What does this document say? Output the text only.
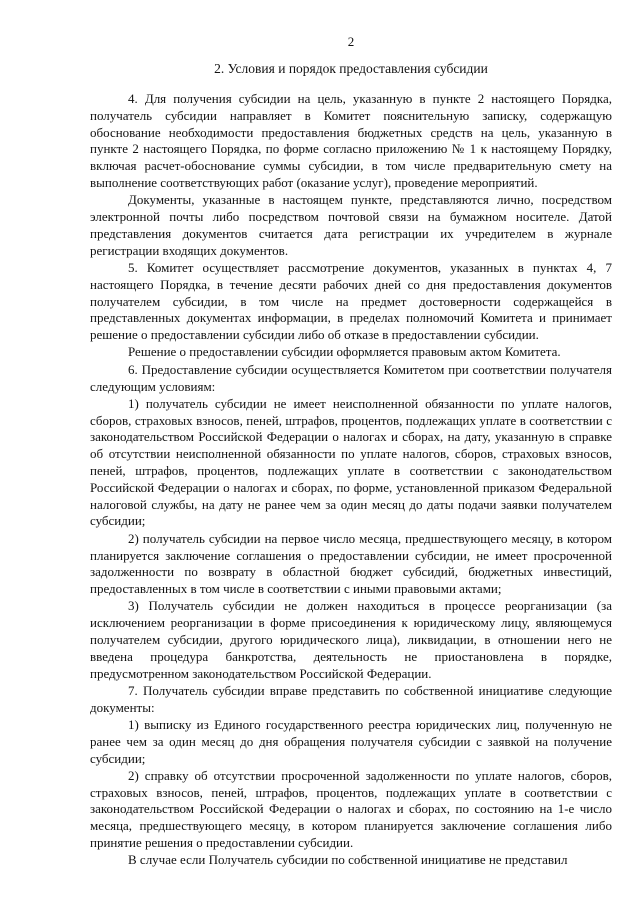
2
2. Условия и порядок предоставления субсидии

4. Для получения субсидии на цель, указанную в пункте 2 настоящего Порядка, получатель субсидии направляет в Комитет пояснительную записку, содержащую обоснование необходимости предоставления бюджетных средств на цель, указанную в пункте 2 настоящего Порядка, по форме согласно приложению № 1 к настоящему Порядку, включая расчет-обоснование суммы субсидии, в том числе предварительную смету на выполнение соответствующих работ (оказание услуг), проведение мероприятий.

Документы, указанные в настоящем пункте, представляются лично, посредством электронной почты либо посредством почтовой связи на бумажном носителе. Датой представления документов считается дата регистрации их учредителем в журнале регистрации входящих документов.

5. Комитет осуществляет рассмотрение документов, указанных в пунктах 4, 7 настоящего Порядка, в течение десяти рабочих дней со дня предоставления документов получателем субсидии, в том числе на предмет достоверности содержащейся в представленных документах информации, в пределах полномочий Комитета и принимает решение о предоставлении субсидии либо об отказе в предоставлении субсидии.

Решение о предоставлении субсидии оформляется правовым актом Комитета.

6. Предоставление субсидии осуществляется Комитетом при соответствии получателя следующим условиям:

1) получатель субсидии не имеет неисполненной обязанности по уплате налогов, сборов, страховых взносов, пеней, штрафов, процентов, подлежащих уплате в соответствии с законодательством Российской Федерации о налогах и сборах, на дату, указанную в справке об отсутствии неисполненной обязанности по уплате налогов, сборов, страховых взносов, пеней, штрафов, процентов, подлежащих уплате в соответствии с законодательством Российской Федерации о налогах и сборах, по форме, установленной приказом Федеральной налоговой службы, на дату не ранее чем за один месяц до даты подачи заявки получателем субсидии;

2) получатель субсидии на первое число месяца, предшествующего месяцу, в котором планируется заключение соглашения о предоставлении субсидии, не имеет просроченной задолженности по возврату в областной бюджет субсидий, бюджетных инвестиций, предоставленных в том числе в соответствии с иными правовыми актами;

3) Получатель субсидии не должен находиться в процессе реорганизации (за исключением реорганизации в форме присоединения к юридическому лицу, являющемуся получателем субсидии, другого юридического лица), ликвидации, в отношении него не введена процедура банкротства, деятельность не приостановлена в порядке, предусмотренном законодательством Российской Федерации.

7. Получатель субсидии вправе представить по собственной инициативе следующие документы:

1) выписку из Единого государственного реестра юридических лиц, полученную не ранее чем за один месяц до дня обращения получателя субсидии с заявкой на получение субсидии;

2) справку об отсутствии просроченной задолженности по уплате налогов, сборов, страховых взносов, пеней, штрафов, процентов, подлежащих уплате в соответствии с законодательством Российской Федерации о налогах и сборах, по состоянию на 1-е число месяца, предшествующего месяцу, в котором планируется заключение соглашения либо принятие решения о предоставлении субсидии.

В случае если Получатель субсидии по собственной инициативе не представил
